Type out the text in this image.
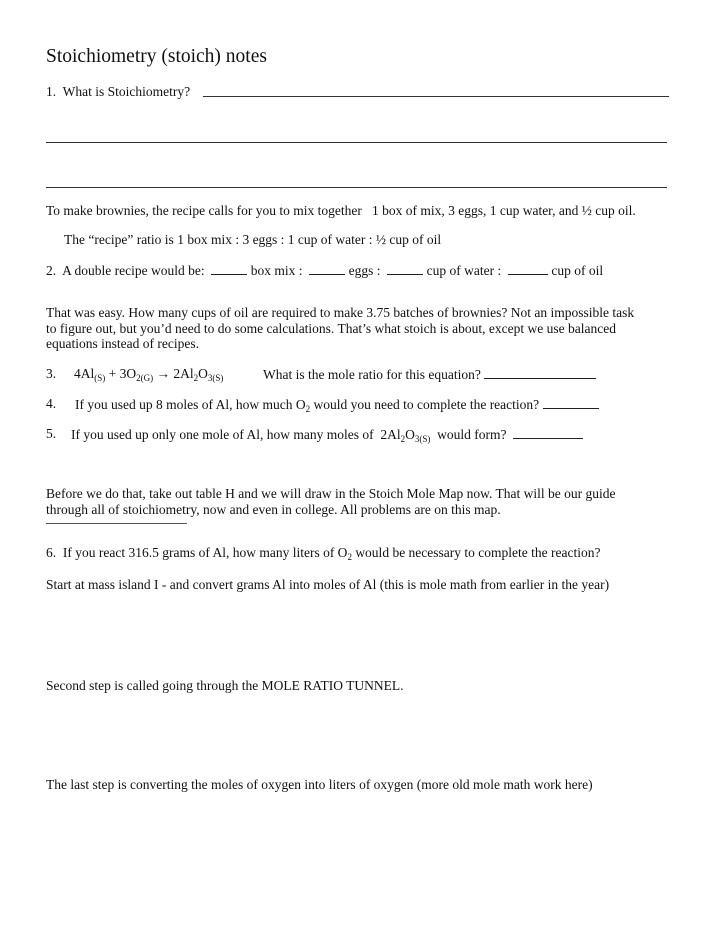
Stoichiometry (stoich) notes
1. What is Stoichiometry?
To make brownies, the recipe calls for you to mix together 1 box of mix, 3 eggs, 1 cup water, and ½ cup oil.
The “recipe” ratio is 1 box mix : 3 eggs : 1 cup of water : ½ cup of oil
2. A double recipe would be:	box mix :	eggs :	cup of water :	cup of oil
That was easy. How many cups of oil are required to make 3.75 batches of brownies? Not an impossible task
to figure out, but you’d need to do some calculations. That’s what stoich is about, except we use balanced
equations instead of recipes.
3. $4Al_{(S)} + 3O_{2(G)} \to 2Al_2O_{3(S)}$	What is the mole ratio for this equation?
4. If you used up 8 moles of Al, how much $O_2$ would you need to complete the reaction?
5. If you used up only one mole of Al, how many moles of $2Al_2O_{3(S)}$ would form?
Before we do that, take out table H and we will draw in the Stoich Mole Map now. That will be our guide
through all of stoichiometry, now and even in college. All problems are on this map.
6. If you react 316.5 grams of Al, how many liters of $O_2$ would be necessary to complete the reaction?
Start at mass island I - and convert grams Al into moles of Al (this is mole math from earlier in the year)
Second step is called going through the MOLE RATIO TUNNEL.
The last step is converting the moles of oxygen into liters of oxygen (more old mole math work here)
